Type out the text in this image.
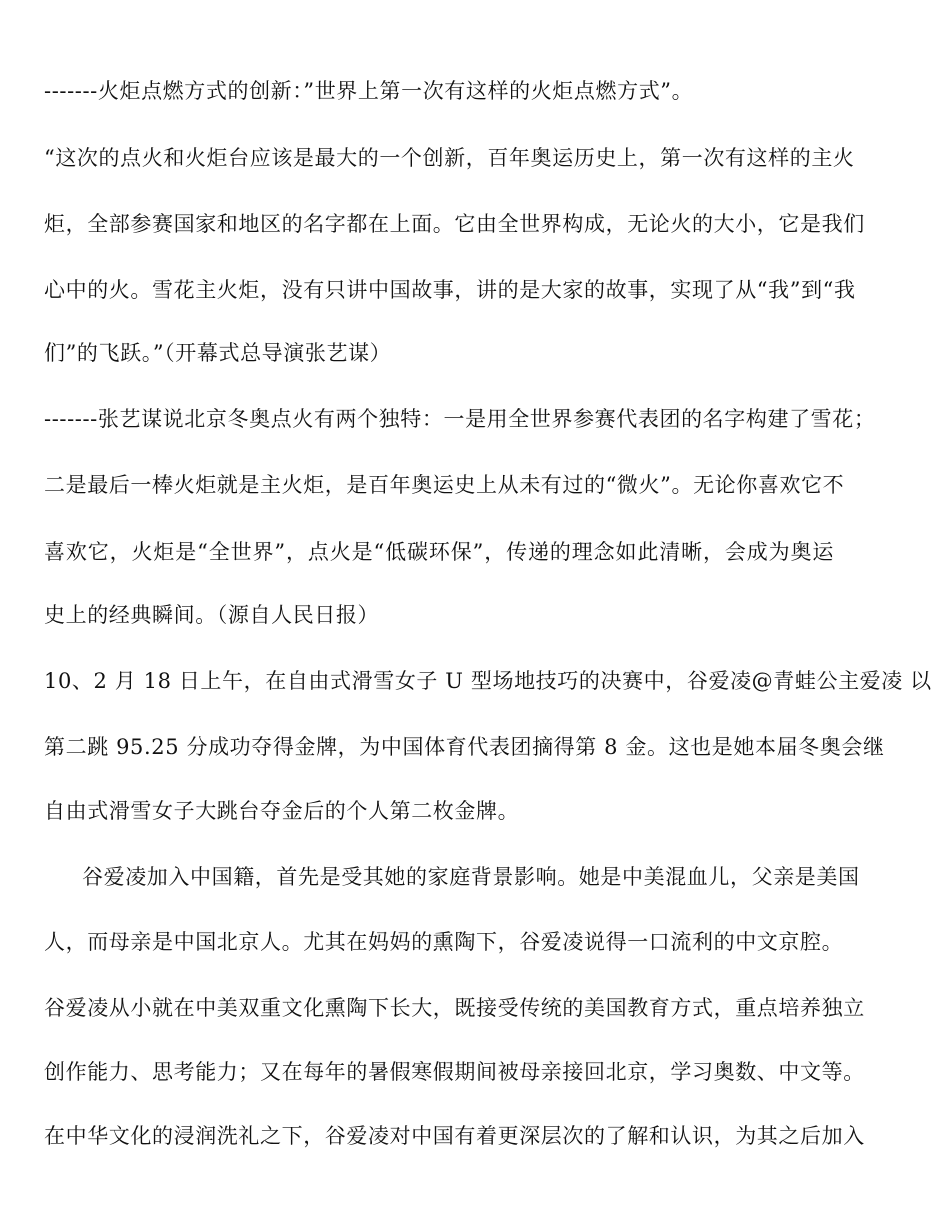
-------火炬点燃方式的创新：”世界上第一次有这样的火炬点燃方式”。
“这次的点火和火炬台应该是最大的一个创新，百年奥运历史上，第一次有这样的主火
炬，全部参赛国家和地区的名字都在上面。它由全世界构成，无论火的大小，它是我们
心中的火。雪花主火炬，没有只讲中国故事，讲的是大家的故事，实现了从“我”到“我
们”的飞跃。”（开幕式总导演张艺谋）
-------张艺谋说北京冬奥点火有两个独特：一是用全世界参赛代表团的名字构建了雪花；
二是最后一棒火炬就是主火炬，是百年奥运史上从未有过的“微火”。无论你喜欢它不
喜欢它，火炬是“全世界”，点火是“低碳环保”，传递的理念如此清晰，会成为奥运
史上的经典瞬间。（源自人民日报）
10、2 月 18 日上午，在自由式滑雪女子 U 型场地技巧的决赛中，谷爱凌@青蛙公主爱凌 以
第二跳 95.25 分成功夺得金牌，为中国体育代表团摘得第 8 金。这也是她本届冬奥会继
自由式滑雪女子大跳台夺金后的个人第二枚金牌。
谷爱凌加入中国籍，首先是受其她的家庭背景影响。她是中美混血儿，父亲是美国
人，而母亲是中国北京人。尤其在妈妈的熏陶下，谷爱凌说得一口流利的中文京腔。
谷爱凌从小就在中美双重文化熏陶下长大，既接受传统的美国教育方式，重点培养独立
创作能力、思考能力；又在每年的暑假寒假期间被母亲接回北京，学习奥数、中文等。
在中华文化的浸润洗礼之下，谷爱凌对中国有着更深层次的了解和认识，为其之后加入
